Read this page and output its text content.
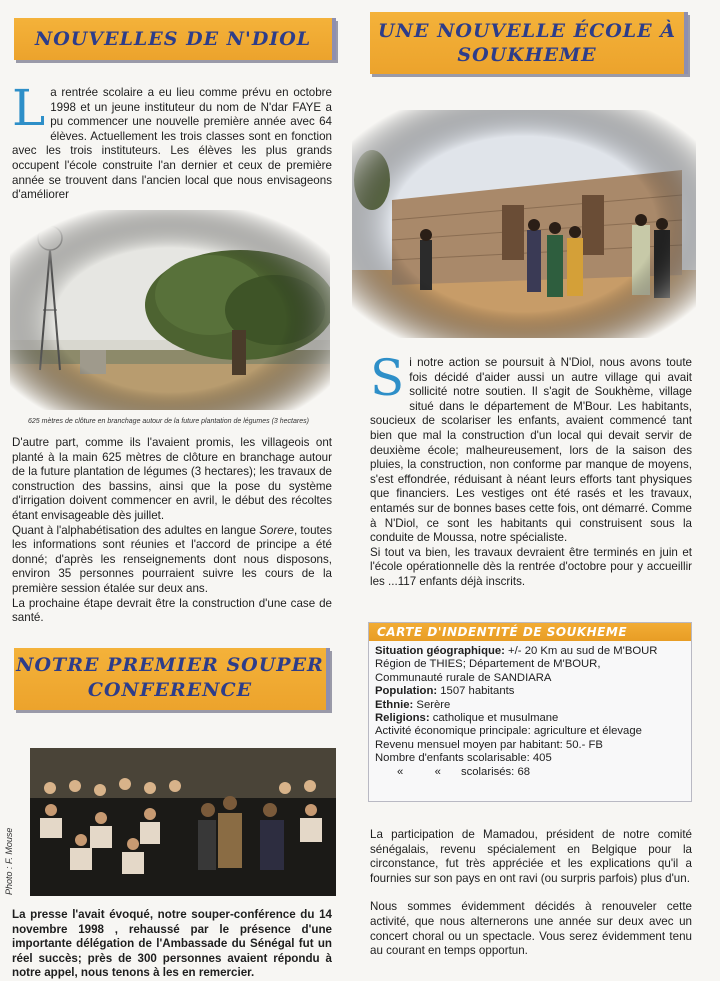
NOUVELLES DE N'DIOL

La rentrée scolaire a eu lieu comme prévu en octobre 1998 et un jeune instituteur du nom de N'dar FAYE a pu commencer une nouvelle première année avec 64 élèves. Actuellement les trois classes sont en fonction avec les trois instituteurs. Les élèves les plus grands occupent l'école construite l'an dernier et ceux de première année se trouvent dans l'ancien local que nous envisageons d'améliorer

625 mètres de clôture en branchage autour de la future plantation de légumes (3 hectares)

D'autre part, comme ils l'avaient promis, les villageois ont planté à la main 625 mètres de clôture en branchage autour de la future plantation de légumes (3 hectares); les travaux de construction des bassins, ainsi que la pose du système d'irrigation doivent commencer en avril, le début des récoltes étant envisageable dès juillet.

Quant à l'alphabétisation des adultes en langue Sorere, toutes les informations sont réunies et l'accord de principe a été donné; d'après les renseignements dont nous disposons, environ 35 personnes pourraient suivre les cours de la première session étalée sur deux ans.

La prochaine étape devrait être la construction d'une case de santé.

NOTRE PREMIER SOUPER CONFERENCE
Photo : F. Mouse

La presse l'avait évoqué, notre souper-conférence du 14 novembre 1998 , rehaussé par le présence d'une importante délégation de l'Ambassade du Sénégal fut un réel succès; près de 300 personnes avaient répondu à notre appel, nous tenons à les en remercier.

UNE NOUVELLE ÉCOLE À SOUKHEME

Si notre action se poursuit à N'Diol, nous avons toute fois décidé d'aider aussi un autre village qui avait sollicité notre soutien. Il s'agit de Soukhème, village situé dans le département de M'Bour. Les habitants, soucieux de scolariser les enfants, avaient commencé tant bien que mal la construction d'un local qui devait servir de deuxième école; malheureusement, lors de la saison des pluies, la construction, non conforme par manque de moyens, s'est effondrée, réduisant à néant leurs efforts tant physiques que financiers. Les vestiges ont été rasés et les travaux, entamés sur de bonnes bases cette fois, ont démarré. Comme à N'Diol, ce sont les habitants qui construisent sous la conduite de Moussa, notre spécialiste.

Si tout va bien, les travaux devraient être terminés en juin et l'école opérationnelle dès la rentrée d'octobre pour y accueillir les ...117 enfants déjà inscrits.

CARTE D'INDENTITÉ DE SOUKHEME
Situation géographique: +/- 20 Km au sud de M'BOUR
Région de THIES; Département de M'BOUR,
Communauté rurale de SANDIARA
Population: 1507 habitants
Ethnie: Serère
Religions: catholique et musulmane
Activité économique principale: agriculture et élevage
Revenu mensuel moyen par habitant: 50.- FB
Nombre d'enfants scolarisable: 405
«          « scolarisés: 68

La participation de Mamadou, président de notre comité sénégalais, revenu spécialement en Belgique pour la circonstance, fut très appréciée et les explications qu'il a fournies sur son pays en ont ravi (ou surpris parfois) plus d'un.

Nous sommes évidemment décidés à renouveler cette activité, que nous alternerons une année sur deux avec un concert choral ou un spectacle. Vous serez évidemment tenu au courant en temps opportun.
